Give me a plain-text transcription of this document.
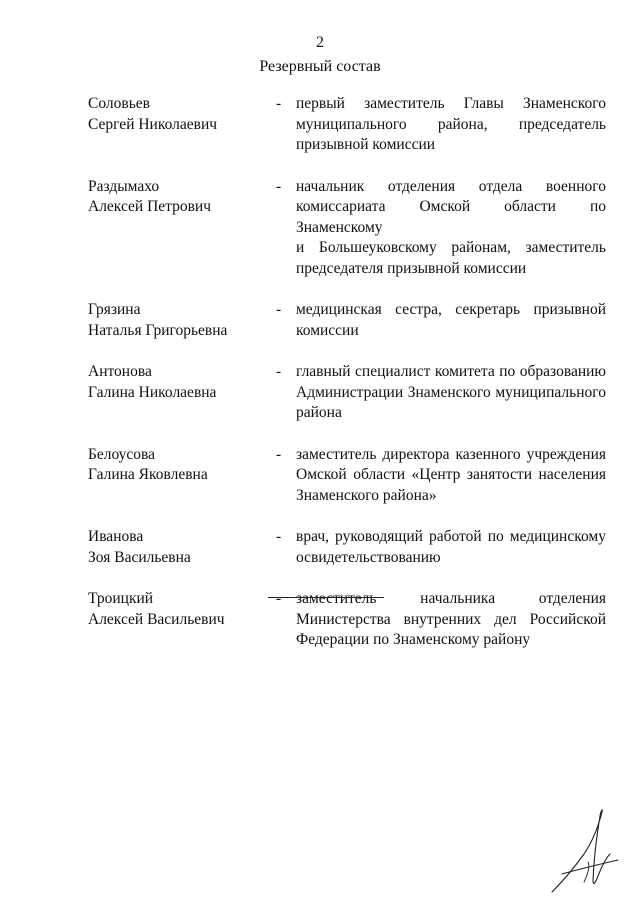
2
Резервный состав
Соловьев
Сергей Николаевич
- первый заместитель Главы Знаменского
муниципального района, председатель
призывной комиссии
Раздымахо
Алексей Петрович
- начальник отделения отдела военного
комиссариата Омской области по Знаменскому
и Большеуковскому районам, заместитель
председателя призывной комиссии
Грязина
Наталья Григорьевна
- медицинская сестра, секретарь призывной
комиссии
Антонова
Галина Николаевна
- главный специалист комитета по образованию
Администрации Знаменского муниципального
района
Белоусова
Галина Яковлевна
- заместитель директора казенного учреждения
Омской области «Центр занятости населения
Знаменского района»
Иванова
Зоя Васильевна
- врач, руководящий работой по медицинскому
освидетельствованию
Троицкий
Алексей Васильевич
- заместитель начальника отделения
Министерства внутренних дел Российской
Федерации по Знаменскому району
